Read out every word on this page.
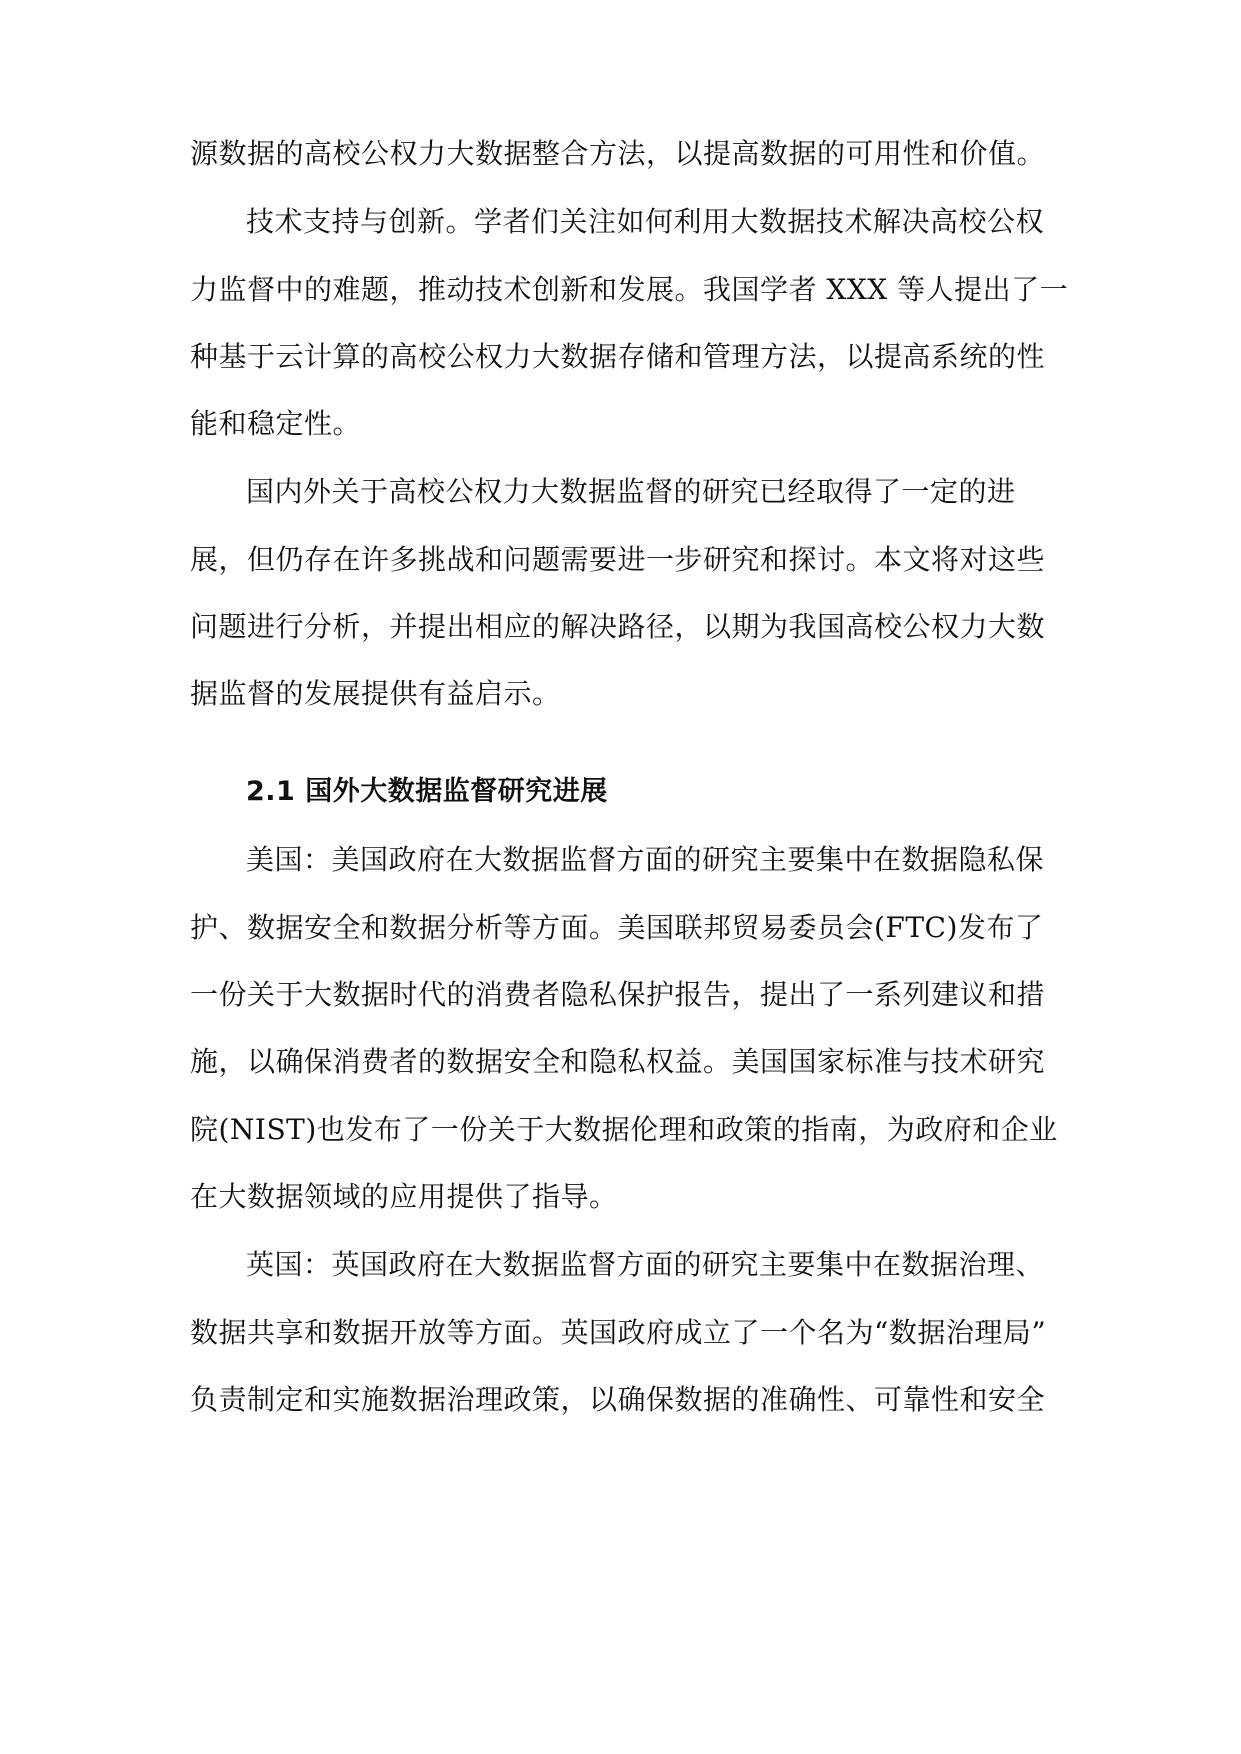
源数据的高校公权力大数据整合方法，以提高数据的可用性和价值。
技术支持与创新。学者们关注如何利用大数据技术解决高校公权
力监督中的难题，推动技术创新和发展。我国学者 XXX 等人提出了一
种基于云计算的高校公权力大数据存储和管理方法，以提高系统的性
能和稳定性。
国内外关于高校公权力大数据监督的研究已经取得了一定的进
展，但仍存在许多挑战和问题需要进一步研究和探讨。本文将对这些
问题进行分析，并提出相应的解决路径，以期为我国高校公权力大数
据监督的发展提供有益启示。
2.1 国外大数据监督研究进展
美国：美国政府在大数据监督方面的研究主要集中在数据隐私保
护、数据安全和数据分析等方面。美国联邦贸易委员会(FTC)发布了
一份关于大数据时代的消费者隐私保护报告，提出了一系列建议和措
施，以确保消费者的数据安全和隐私权益。美国国家标准与技术研究
院(NIST)也发布了一份关于大数据伦理和政策的指南，为政府和企业
在大数据领域的应用提供了指导。
英国：英国政府在大数据监督方面的研究主要集中在数据治理、
数据共享和数据开放等方面。英国政府成立了一个名为“数据治理局”
负责制定和实施数据治理政策，以确保数据的准确性、可靠性和安全
